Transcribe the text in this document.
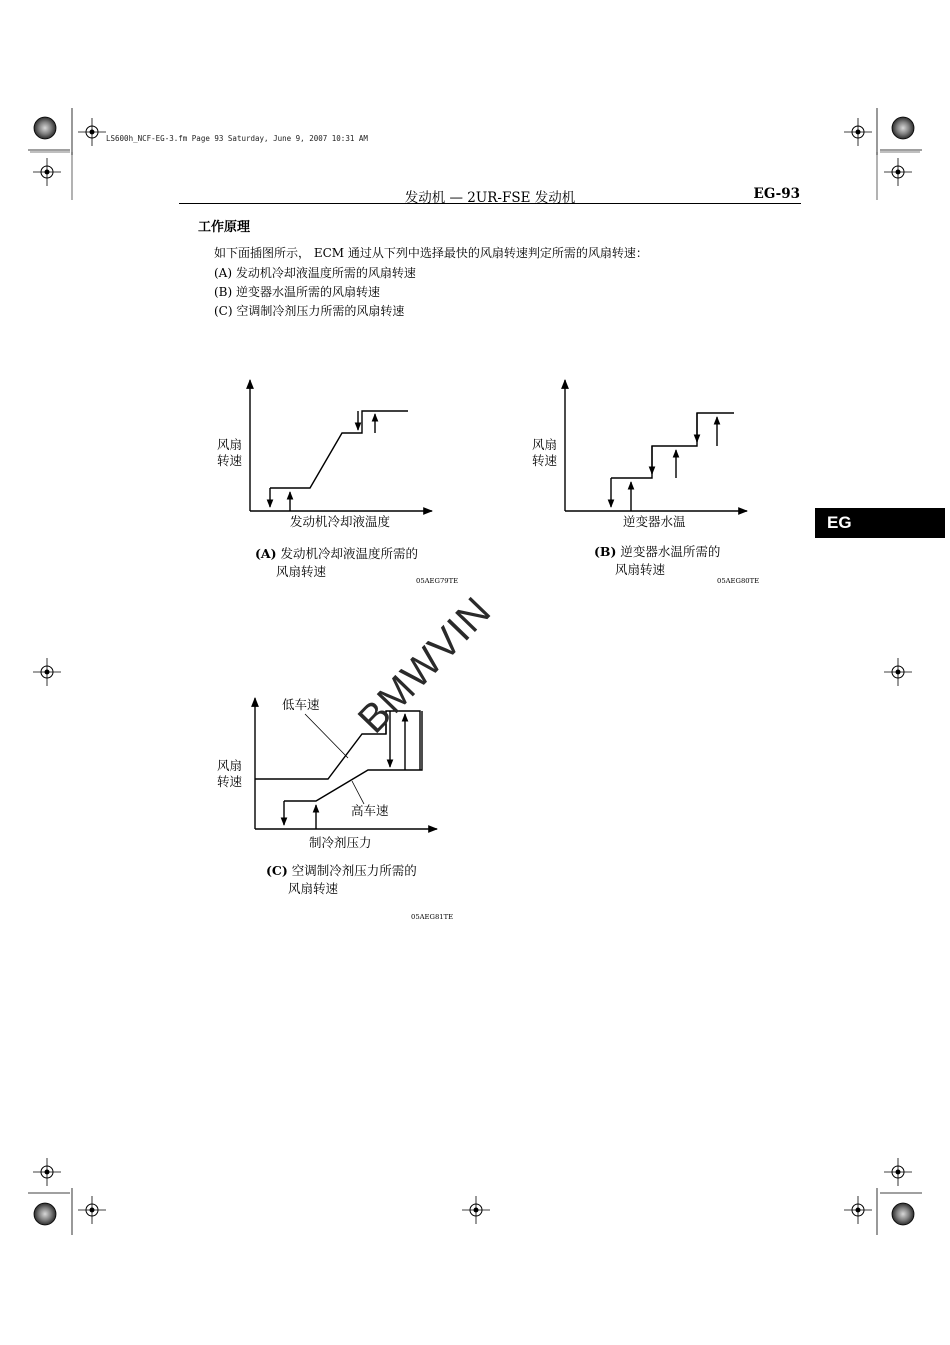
LS600h_NCF-EG-3.fm Page 93 Saturday, June 9, 2007 10:31 AM
发动机 — 2UR-FSE 发动机	EG-93
工作原理
如下面插图所示， ECM 通过从下列中选择最快的风扇转速判定所需的风扇转速：
(A) 发动机冷却液温度所需的风扇转速
(B) 逆变器水温所需的风扇转速
(C) 空调制冷剂压力所需的风扇转速
EG
风扇
转速
发动机冷却液温度
(A) 发动机冷却液温度所需的
风扇转速
05AEG79TE
风扇
转速
逆变器水温
(B) 逆变器水温所需的
风扇转速
05AEG80TE
低车速
风扇
转速
高车速
制冷剂压力
(C) 空调制冷剂压力所需的
风扇转速
05AEG81TE
BMWVIN
